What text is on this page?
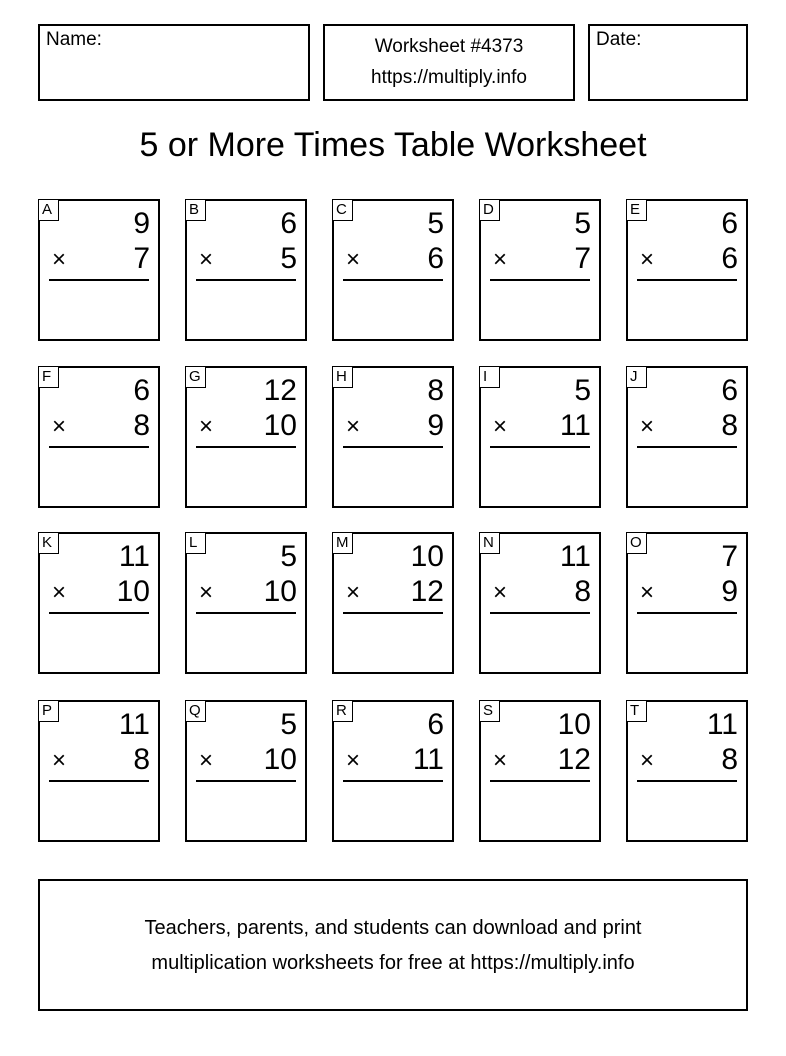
Name:	Worksheet #4373
https://multiply.info
Date:
5 or More Times Table Worksheet
A	9
× 7
B	6
× 5
C	5
× 6
D	5
× 7
E	6
× 6
F	6
× 8
G 12
× 10
H	8
× 9
I	5
× 11
J	6
× 8
K 11
× 10
L	5
× 10
M 10
× 12
N 11
× 8
O	7
× 9
P 11
× 8
Q	5
× 10
R	6
× 11
S 10
× 12
T 11
× 8
Teachers, parents, and students can download and print
multiplication worksheets for free at https://multiply.info
